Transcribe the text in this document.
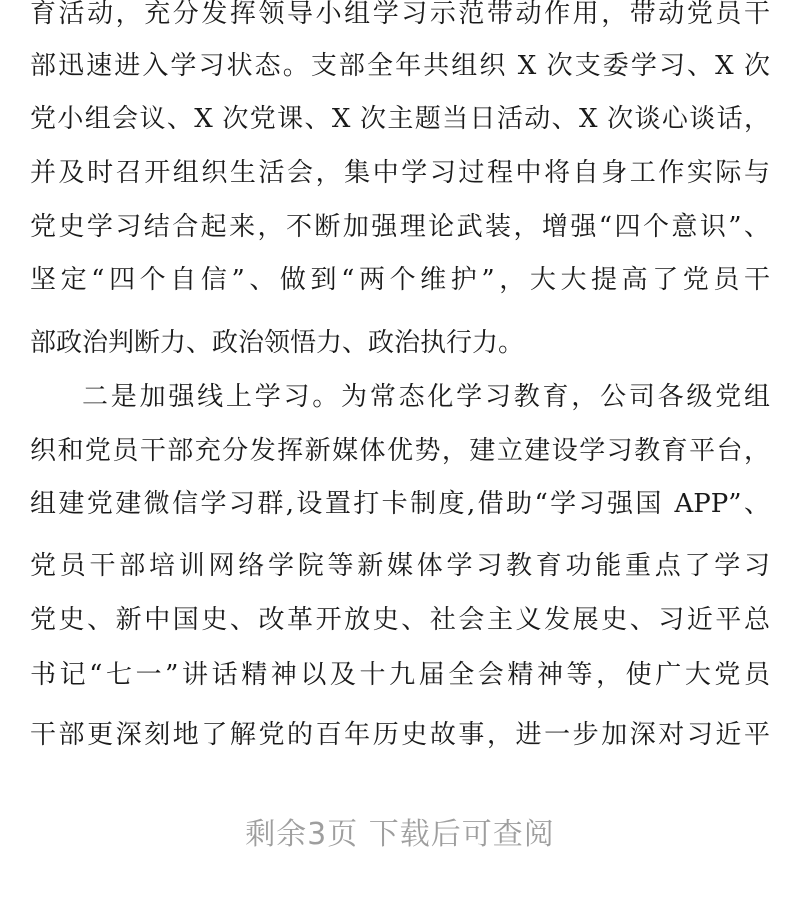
育活动，充分发挥领导小组学习示范带动作用，带动党员干
部迅速进入学习状态。支部全年共组织 X 次支委学习、X 次
党小组会议、X 次党课、X 次主题当日活动、X 次谈心谈话，
并及时召开组织生活会，集中学习过程中将自身工作实际与
党史学习结合起来，不断加强理论武装，增强“四个意识”、
坚定“四个自信”、做到“两个维护”，大大提高了党员干
部政治判断力、政治领悟力、政治执行力。
二是加强线上学习。为常态化学习教育，公司各级党组
织和党员干部充分发挥新媒体优势，建立建设学习教育平台，
组建党建微信学习群,设置打卡制度,借助“学习强国 APP”、
党员干部培训网络学院等新媒体学习教育功能重点了学习
党史、新中国史、改革开放史、社会主义发展史、习近平总
书记“七一”讲话精神以及十九届全会精神等，使广大党员
干部更深刻地了解党的百年历史故事，进一步加深对习近平
剩余3页 下载后可查阅
